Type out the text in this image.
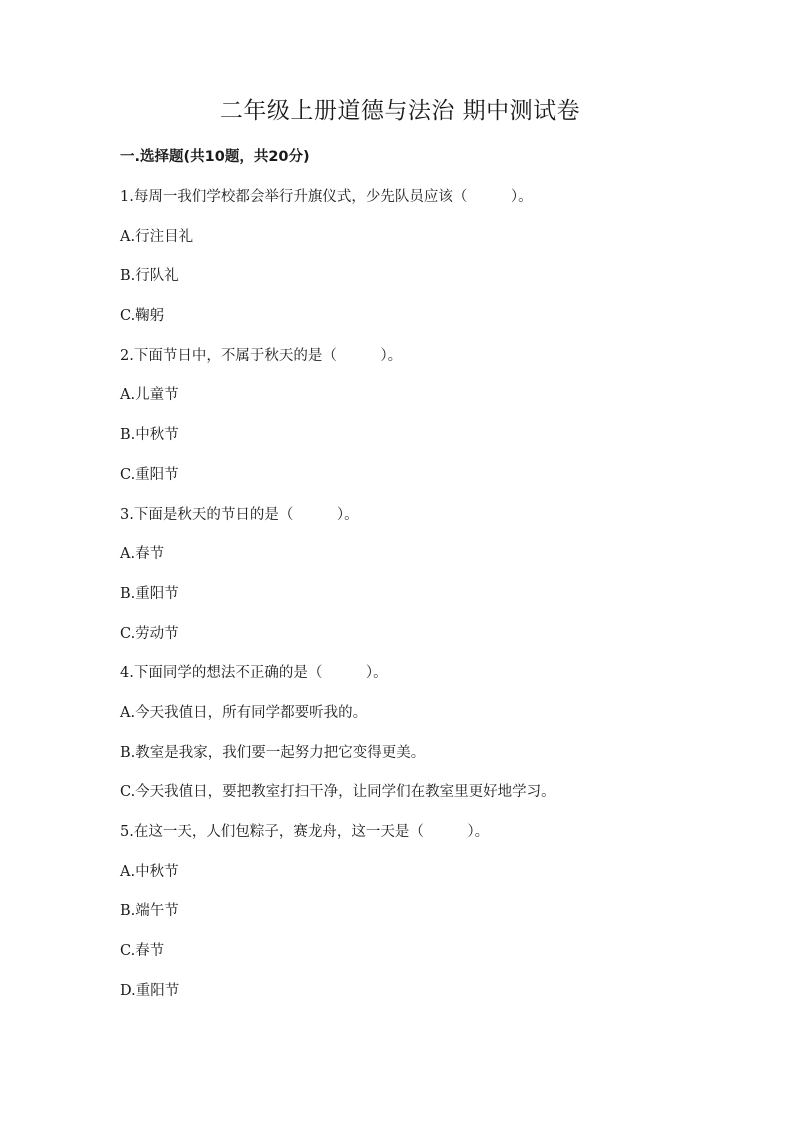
二年级上册道德与法治 期中测试卷
一.选择题(共10题，共20分)
1.每周一我们学校都会举行升旗仪式，少先队员应该（　　　）。
A.行注目礼
B.行队礼
C.鞠躬
2.下面节日中，不属于秋天的是（　　　）。
A.儿童节
B.中秋节
C.重阳节
3.下面是秋天的节日的是（　　　）。
A.春节
B.重阳节
C.劳动节
4.下面同学的想法不正确的是（　　　）。
A.今天我值日，所有同学都要听我的。
B.教室是我家，我们要一起努力把它变得更美。
C.今天我值日，要把教室打扫干净，让同学们在教室里更好地学习。
5.在这一天，人们包粽子，赛龙舟，这一天是（　　　）。
A.中秋节
B.端午节
C.春节
D.重阳节
